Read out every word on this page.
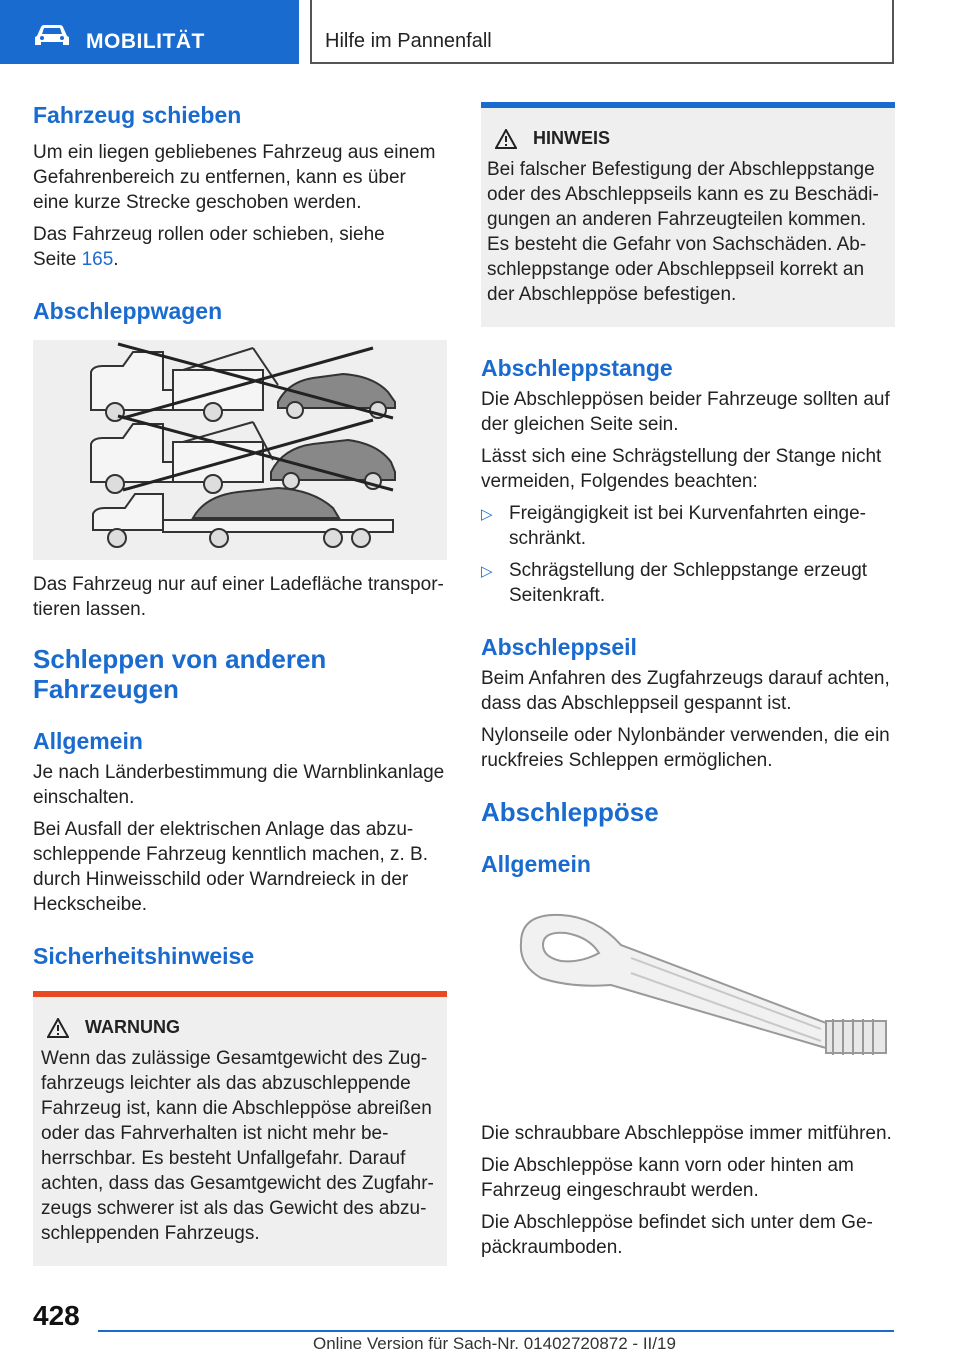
MOBILITÄT	Hilfe im Pannenfall
Fahrzeug schieben

Um ein liegen gebliebenes Fahrzeug aus einem Gefahrenbereich zu entfernen, kann es über eine kurze Strecke geschoben werden.

Das Fahrzeug rollen oder schieben, siehe
Seite 165.

Abschleppwagen

Das Fahrzeug nur auf einer Ladefläche transpor-tieren lassen.

Schleppen von anderen
Fahrzeugen
Allgemein

Je nach Länderbestimmung die Warnblinkanlage einschalten.

Bei Ausfall der elektrischen Anlage das abzu-schleppende Fahrzeug kenntlich machen, z. B. durch Hinweisschild oder Warndreieck in der Heckscheibe.

Sicherheitshinweise
WARNUNG

Wenn das zulässige Gesamtgewicht des Zug-fahrzeugs leichter als das abzuschleppende Fahrzeug ist, kann die Abschleppöse abreißen oder das Fahrverhalten ist nicht mehr be-herrschbar. Es besteht Unfallgefahr. Darauf achten, dass das Gesamtgewicht des Zugfahr-zeugs schwerer ist als das Gewicht des abzu-schleppenden Fahrzeugs.

HINWEIS

Bei falscher Befestigung der Abschleppstange oder des Abschleppseils kann es zu Beschädi-gungen an anderen Fahrzeugteilen kommen. Es besteht die Gefahr von Sachschäden. Ab-schleppstange oder Abschleppseil korrekt an der Abschleppöse befestigen.

Abschleppstange

Die Abschleppösen beider Fahrzeuge sollten auf der gleichen Seite sein.

Lässt sich eine Schrägstellung der Stange nicht vermeiden, Folgendes beachten:

▷ Freigängigkeit ist bei Kurvenfahrten einge-schränkt.
▷ Schrägstellung der Schleppstange erzeugt Seitenkraft.
Abschleppseil

Beim Anfahren des Zugfahrzeugs darauf achten, dass das Abschleppseil gespannt ist.

Nylonseile oder Nylonbänder verwenden, die ein ruckfreies Schleppen ermöglichen.

Abschleppöse
Allgemein

Die schraubbare Abschleppöse immer mitführen.

Die Abschleppöse kann vorn oder hinten am Fahrzeug eingeschraubt werden.

Die Abschleppöse befindet sich unter dem Ge-päckraumboden.

428
Online Version für Sach-Nr. 01402720872 - II/19
